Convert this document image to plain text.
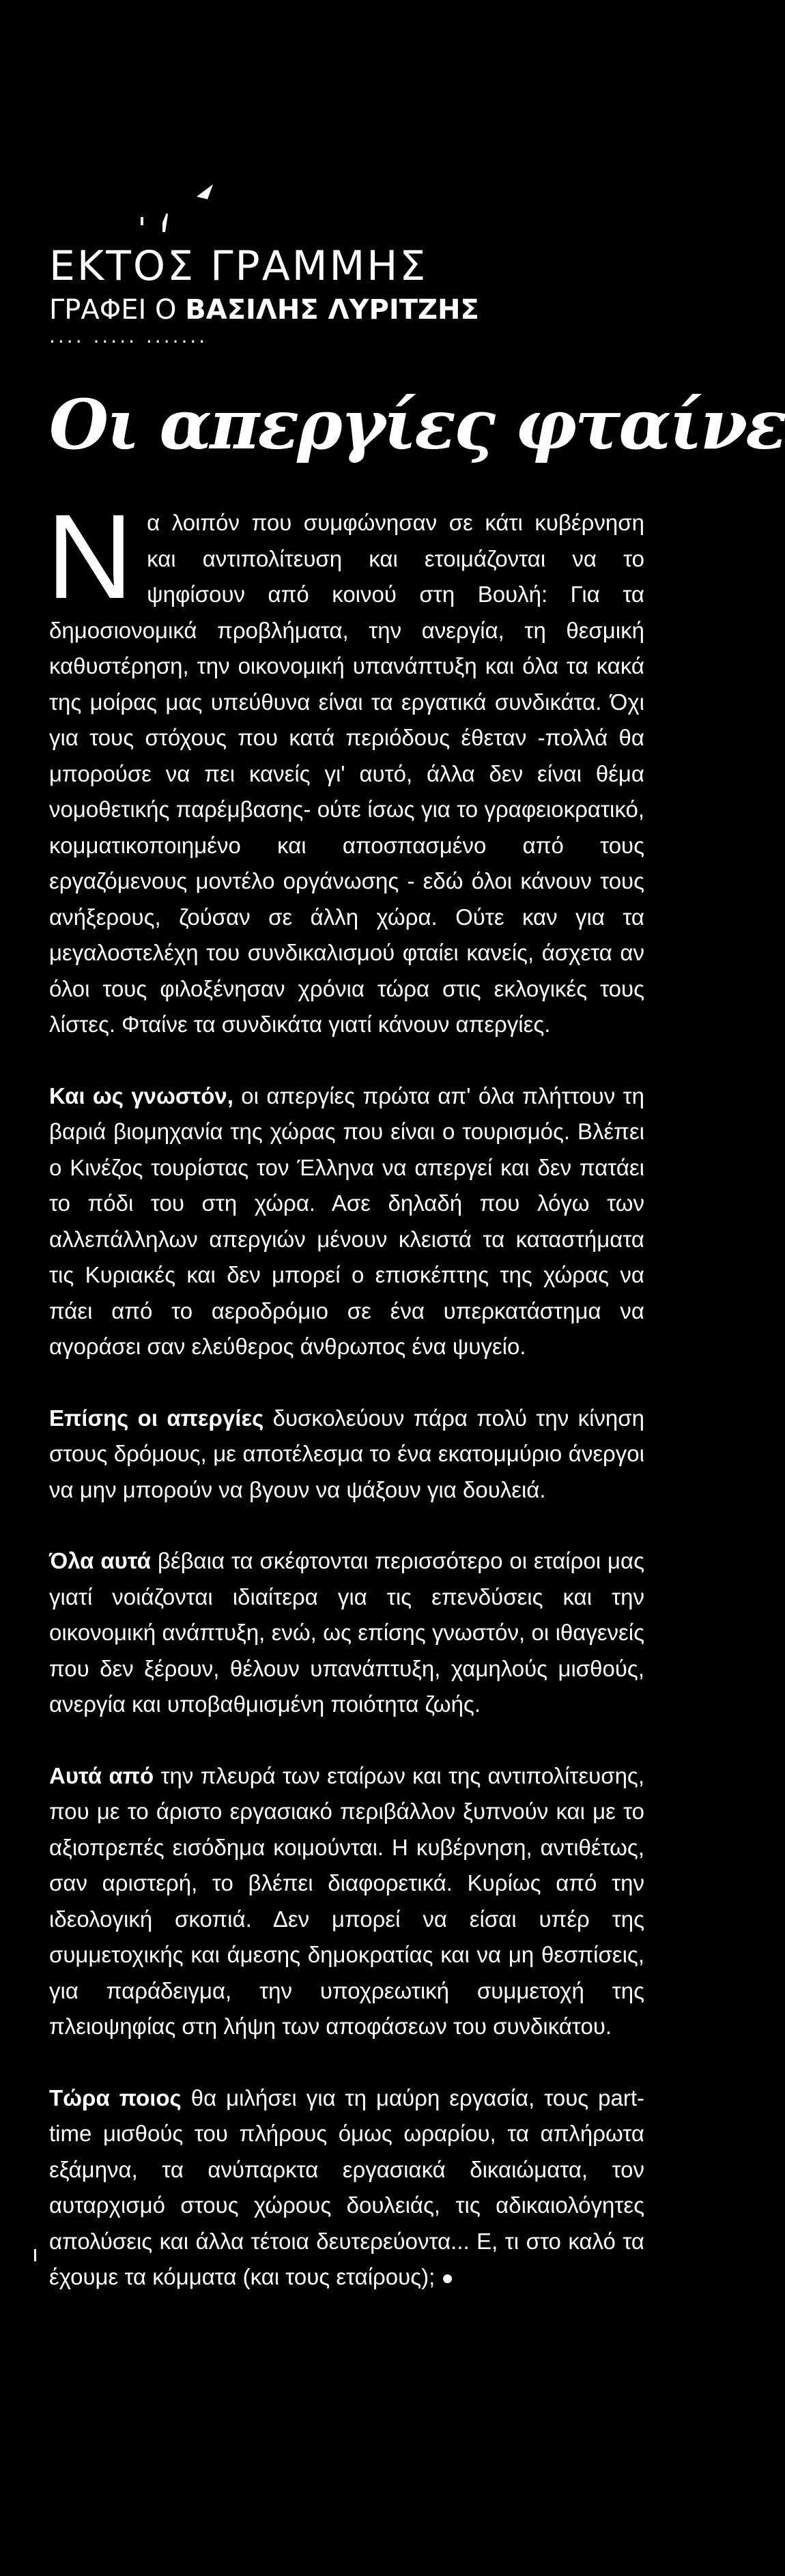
ΕΚΤΟΣ ΓΡΑΜΜΗΣ
ΓΡΑΦΕΙ Ο ΒΑΣΙΛΗΣ ΛΥΡΙΤΖΗΣ
.... ..... .......
Οι απεργίες φταίνε

Να λοιπόν που συμφώνησαν σε κάτι κυβέρνηση και αντιπολίτευση και ετοιμάζονται να το ψηφίσουν από κοινού στη Βουλή: Για τα δημοσιονομικά προβλήματα, την ανεργία, τη θεσμική καθυστέρηση, την οικονομική υπανάπτυξη και όλα τα κακά της μοίρας μας υπεύθυνα είναι τα εργατικά συνδικάτα. Όχι για τους στόχους που κατά περιόδους έθεταν -πολλά θα μπορούσε να πει κανείς γι' αυτό, άλλα δεν είναι θέμα νομοθετικής παρέμβασης- ούτε ίσως για το γραφειοκρατικό, κομματικοποιημένο και αποσπασμένο από τους εργαζόμενους μοντέλο οργάνωσης - εδώ όλοι κάνουν τους ανήξερους, ζούσαν σε άλλη χώρα. Ούτε καν για τα μεγαλοστελέχη του συνδικαλισμού φταίει κανείς, άσχετα αν όλοι τους φιλοξένησαν χρόνια τώρα στις εκλογικές τους λίστες. Φταίνε τα συνδικάτα γιατί κάνουν απεργίες.

Και ως γνωστόν, οι απεργίες πρώτα απ' όλα πλήττουν τη βαριά βιομηχανία της χώρας που είναι ο τουρισμός. Βλέπει ο Κινέζος τουρίστας τον Έλληνα να απεργεί και δεν πατάει το πόδι του στη χώρα. Ασε δηλαδή που λόγω των αλλεπάλληλων απεργιών μένουν κλειστά τα καταστήματα τις Κυριακές και δεν μπορεί ο επισκέπτης της χώρας να πάει από το αεροδρόμιο σε ένα υπερκατάστημα να αγοράσει σαν ελεύθερος άνθρωπος ένα ψυγείο.

Επίσης οι απεργίες δυσκολεύουν πάρα πολύ την κίνηση στους δρόμους, με αποτέλεσμα το ένα εκατομμύριο άνεργοι να μην μπορούν να βγουν να ψάξουν για δουλειά.

Όλα αυτά βέβαια τα σκέφτονται περισσότερο οι εταίροι μας γιατί νοιάζονται ιδιαίτερα για τις επενδύσεις και την οικονομική ανάπτυξη, ενώ, ως επίσης γνωστόν, οι ιθαγενείς που δεν ξέρουν, θέλουν υπανάπτυξη, χαμηλούς μισθούς, ανεργία και υποβαθμισμένη ποιότητα ζωής.

Αυτά από την πλευρά των εταίρων και της αντιπολίτευσης, που με το άριστο εργασιακό περιβάλλον ξυπνούν και με το αξιοπρεπές εισόδημα κοιμούνται. Η κυβέρνηση, αντιθέτως, σαν αριστερή, το βλέπει διαφορετικά. Κυρίως από την ιδεολογική σκοπιά. Δεν μπορεί να είσαι υπέρ της συμμετοχικής και άμεσης δημοκρατίας και να μη θεσπίσεις, για παράδειγμα, την υποχρεωτική συμμετοχή της πλειοψηφίας στη λήψη των αποφάσεων του συνδικάτου.

Τώρα ποιος θα μιλήσει για τη μαύρη εργασία, τους part-time μισθούς του πλήρους όμως ωραρίου, τα απλήρωτα εξάμηνα, τα ανύπαρκτα εργασιακά δικαιώματα, τον αυταρχισμό στους χώρους δουλειάς, τις αδικαιολόγητες απολύσεις και άλλα τέτοια δευτερεύοντα... Ε, τι στο καλό τα έχουμε τα κόμματα (και τους εταίρους); ●
